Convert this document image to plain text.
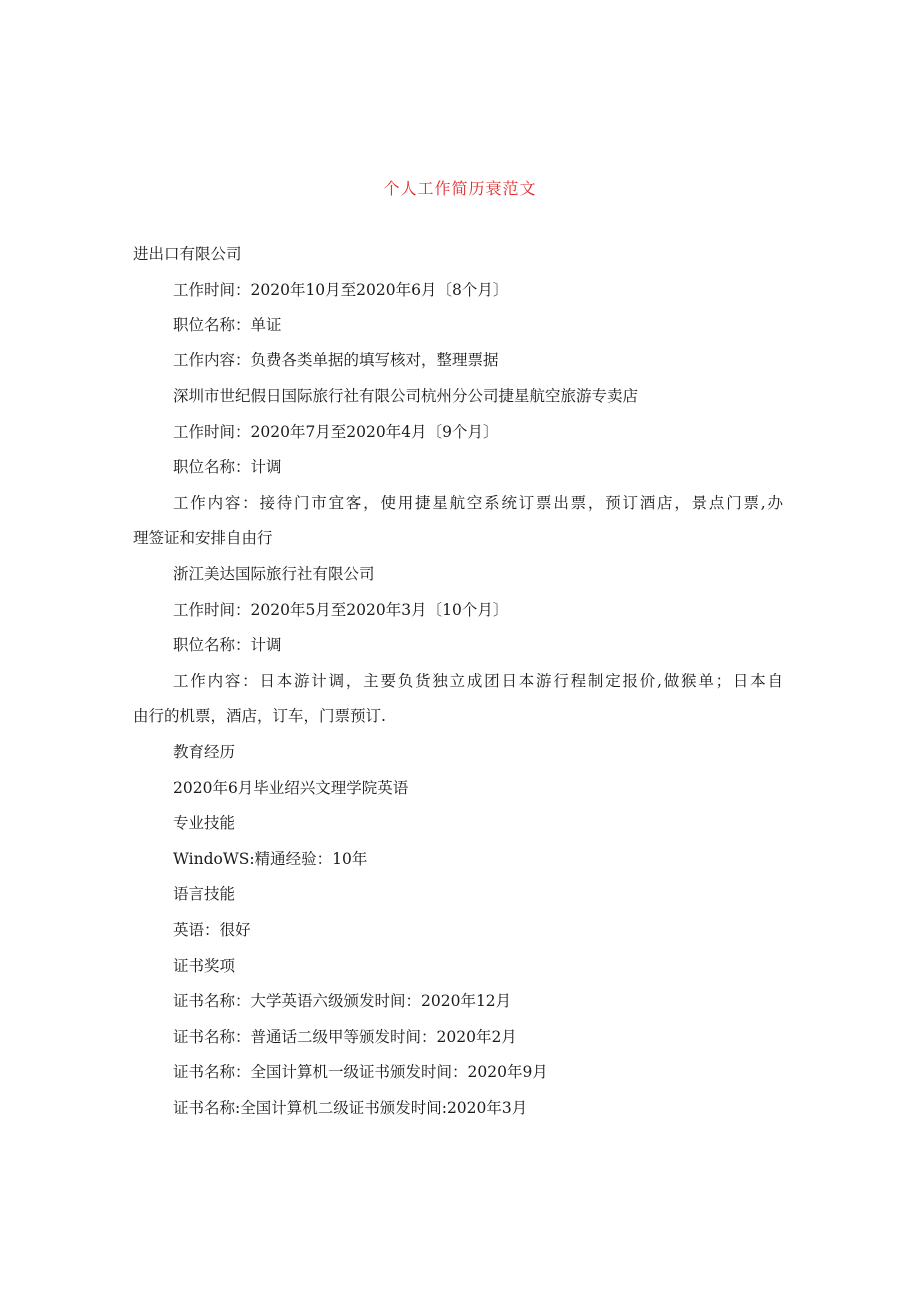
个人工作简历衰范文
进出口有限公司
工作时间：2020年10月至2020年6月〔8个月〕
职位名称：单证
工作内容：负费各类单据的填写核对，整理票据
深圳市世纪假日国际旅行社有限公司杭州分公司捷星航空旅游专卖店
工作时间：2020年7月至2020年4月〔9个月〕
职位名称：计调
工作内容：接待门市宜客，使用捷星航空系统订票出票，预订酒店，景点门票,办
理签证和安排自由行
浙江美达国际旅行社有限公司
工作时间：2020年5月至2020年3月〔10个月〕
职位名称：计调
工作内容：日本游计调，主要负货独立成团日本游行程制定报价,做猴单；日本自
由行的机票，酒店，订车，门票预订.
教育经历
2020年6月毕业绍兴文理学院英语
专业技能
WindoWS:精通经验：10年
语言技能
英语：很好
证书奖项
证书名称：大学英语六级颁发时间：2020年12月
证书名称：普通话二级甲等颁发时间：2020年2月
证书名称：全国计算机一级证书颁发时间：2020年9月
证书名称:全国计算机二级证书颁发时间:2020年3月
